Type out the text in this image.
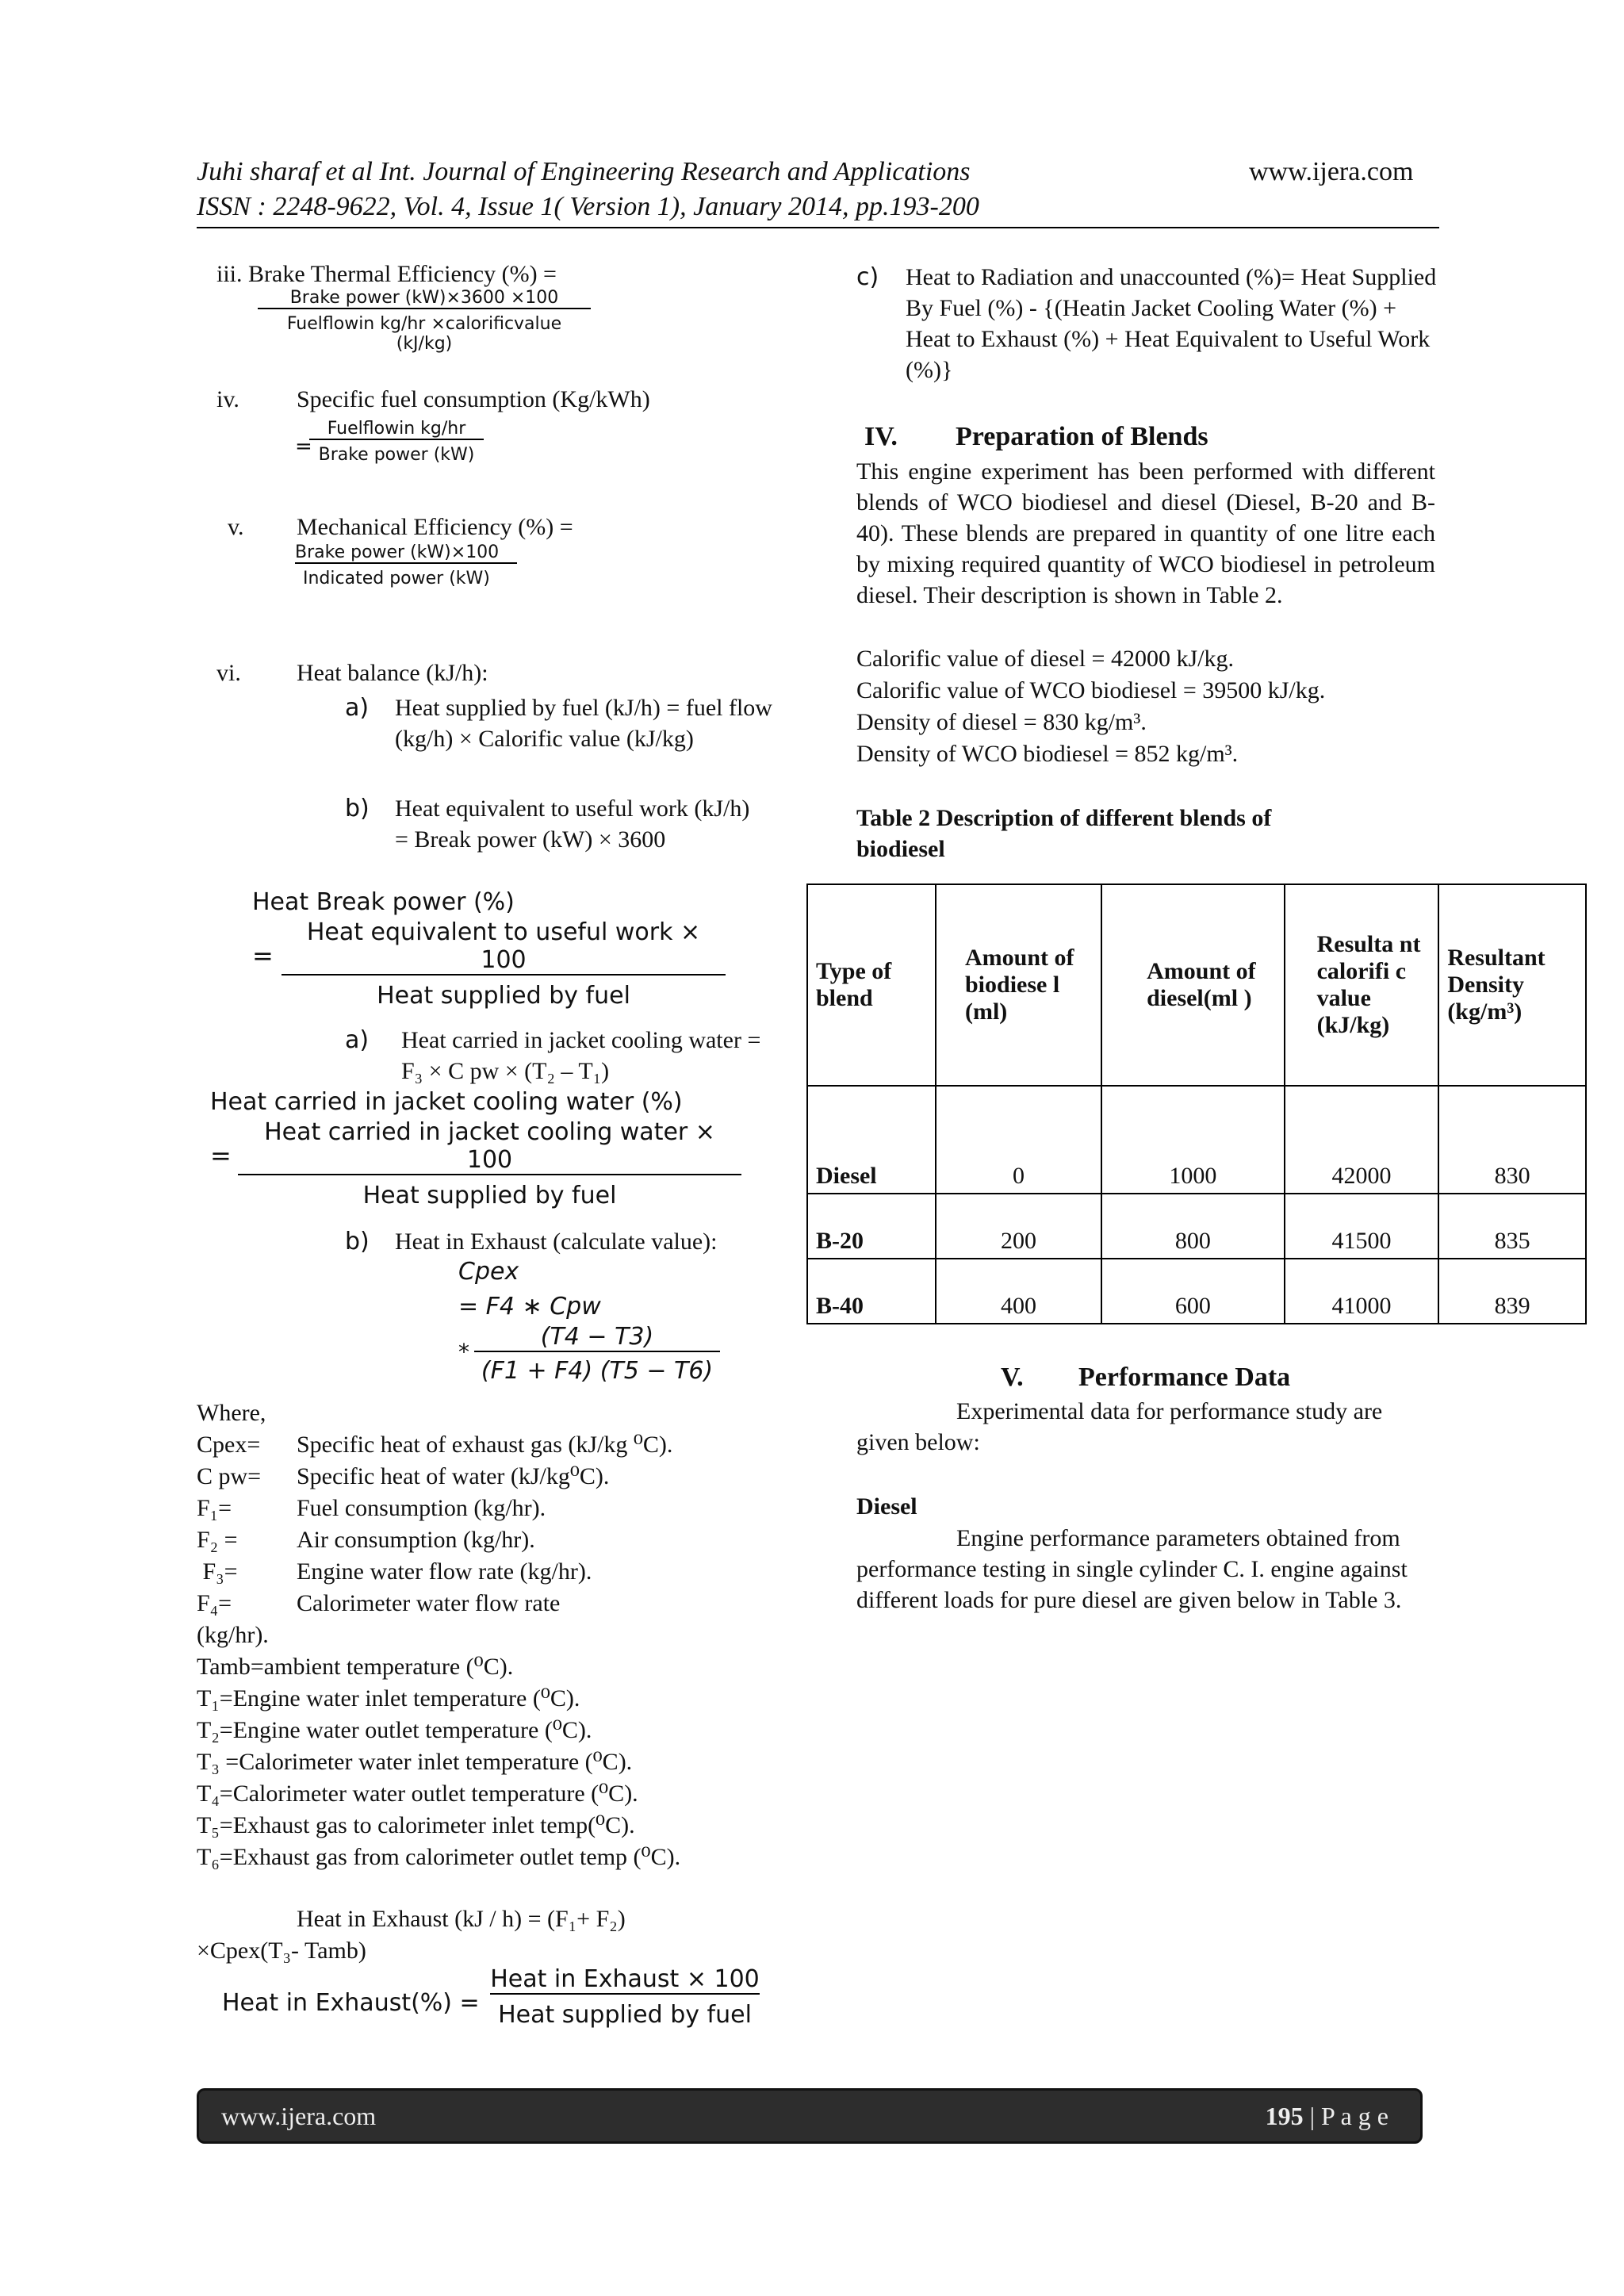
Juhi sharaf et al Int. Journal of Engineering Research and Applications	www.ijera.com
ISSN : 2248-9622, Vol. 4, Issue 1( Version 1), January 2014, pp.193-200
iii. Brake Thermal Efficiency (%) =
Brake power (kW)×3600 ×100
Fuelflowin kg/hr ×calorificvalue (kJ/kg)
iv. Specific fuel consumption (Kg/kWh)
=
Fuelflowin kg/hr
Brake power (kW)
v. Mechanical Efficiency (%) =
Brake power (kW)×100
Indicated power (kW)
vi. Heat balance (kJ/h):
a) Heat supplied by fuel (kJ/h) = fuel flow (kg/h) × Calorific value (kJ/kg)
b) Heat equivalent to useful work (kJ/h) = Break power (kW) × 3600
Heat Break power (%)
=
Heat equivalent to useful work × 100
Heat supplied by fuel
a) Heat carried in jacket cooling water = F₃ × C pw × (T₂ – T₁)
Heat carried in jacket cooling water (%)
=
Heat carried in jacket cooling water × 100
Heat supplied by fuel
b) Heat in Exhaust (calculate value):
Cpex
= F4 ∗ Cpw
* $\frac{(T4 - T3)}{(F1 + F4) (T5 - T6)}$
Where,
Cpex=	Specific heat of exhaust gas (kJ/kg ⁰C).
C pw=	Specific heat of water (kJ/kg⁰C).
F₁=	Fuel consumption (kg/hr).
F₂ =	Air consumption (kg/hr).
F₃=	Engine water flow rate (kg/hr).
F₄=	Calorimeter water flow rate
(kg/hr).
Tamb=ambient temperature (⁰C).
T₁=Engine water inlet temperature (⁰C).
T₂=Engine water outlet temperature (⁰C).
T₃ =Calorimeter water inlet temperature (⁰C).
T₄=Calorimeter water outlet temperature (⁰C).
T₅=Exhaust gas to calorimeter inlet temp(⁰C).
T₆=Exhaust gas from calorimeter outlet temp (⁰C).
Heat in Exhaust (kJ / h) = (F₁+ F₂)
×Cpex(T₃- Tamb)
Heat in Exhaust(%) =
Heat in Exhaust × 100
Heat supplied by fuel
c) Heat to Radiation and unaccounted (%)= Heat Supplied By Fuel (%) - {(Heatin Jacket Cooling Water (%) + Heat to Exhaust (%) + Heat Equivalent to Useful Work (%)}
IV. Preparation of Blends
This engine experiment has been performed with different blends of WCO biodiesel and diesel (Diesel, B-20 and B-40). These blends are prepared in quantity of one litre each by mixing required quantity of WCO biodiesel in petroleum diesel. Their description is shown in Table 2.
Calorific value of diesel = 42000 kJ/kg.
Calorific value of WCO biodiesel = 39500 kJ/kg.
Density of diesel = 830 kg/m³.
Density of WCO biodiesel = 852 kg/m³.
Table 2 Description of different blends of biodiesel
Type of blend	Amount of biodiese l (ml)	Amount of diesel(ml )	Resulta nt calorifi c value (kJ/kg)	Resultant Density (kg/m³)
Diesel	0	1000	42000	830
B-20	200	800	41500	835
B-40	400	600	41000	839
V. Performance Data
Experimental data for performance study are given below:
Diesel
Engine performance parameters obtained from performance testing in single cylinder C. I. engine against different loads for pure diesel are given below in Table 3.
www.ijera.com	195 | P a g e
